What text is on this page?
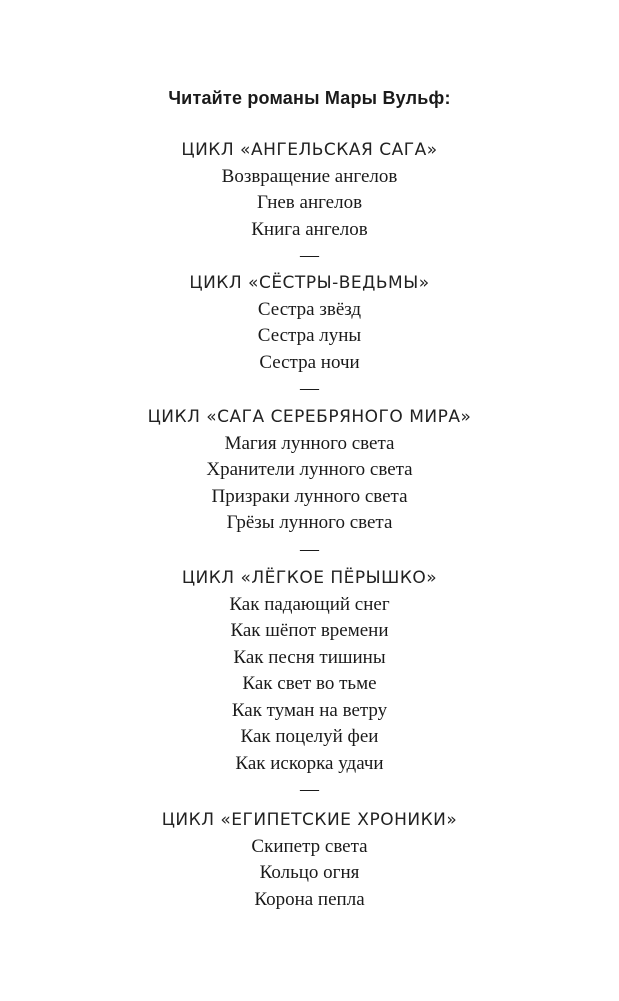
Читайте романы Мары Вульф:
ЦИКЛ «АНГЕЛЬСКАЯ САГА»
Возвращение ангелов
Гнев ангелов
Книга ангелов
—
ЦИКЛ «СЁСТРЫ-ВЕДЬМЫ»
Сестра звёзд
Сестра луны
Сестра ночи
—
ЦИКЛ «САГА СЕРЕБРЯНОГО МИРА»
Магия лунного света
Хранители лунного света
Призраки лунного света
Грёзы лунного света
—
ЦИКЛ «ЛЁГКОЕ ПЁРЫШКО»
Как падающий снег
Как шёпот времени
Как песня тишины
Как свет во тьме
Как туман на ветру
Как поцелуй феи
Как искорка удачи
—
ЦИКЛ «ЕГИПЕТСКИЕ ХРОНИКИ»
Скипетр света
Кольцо огня
Корона пепла
